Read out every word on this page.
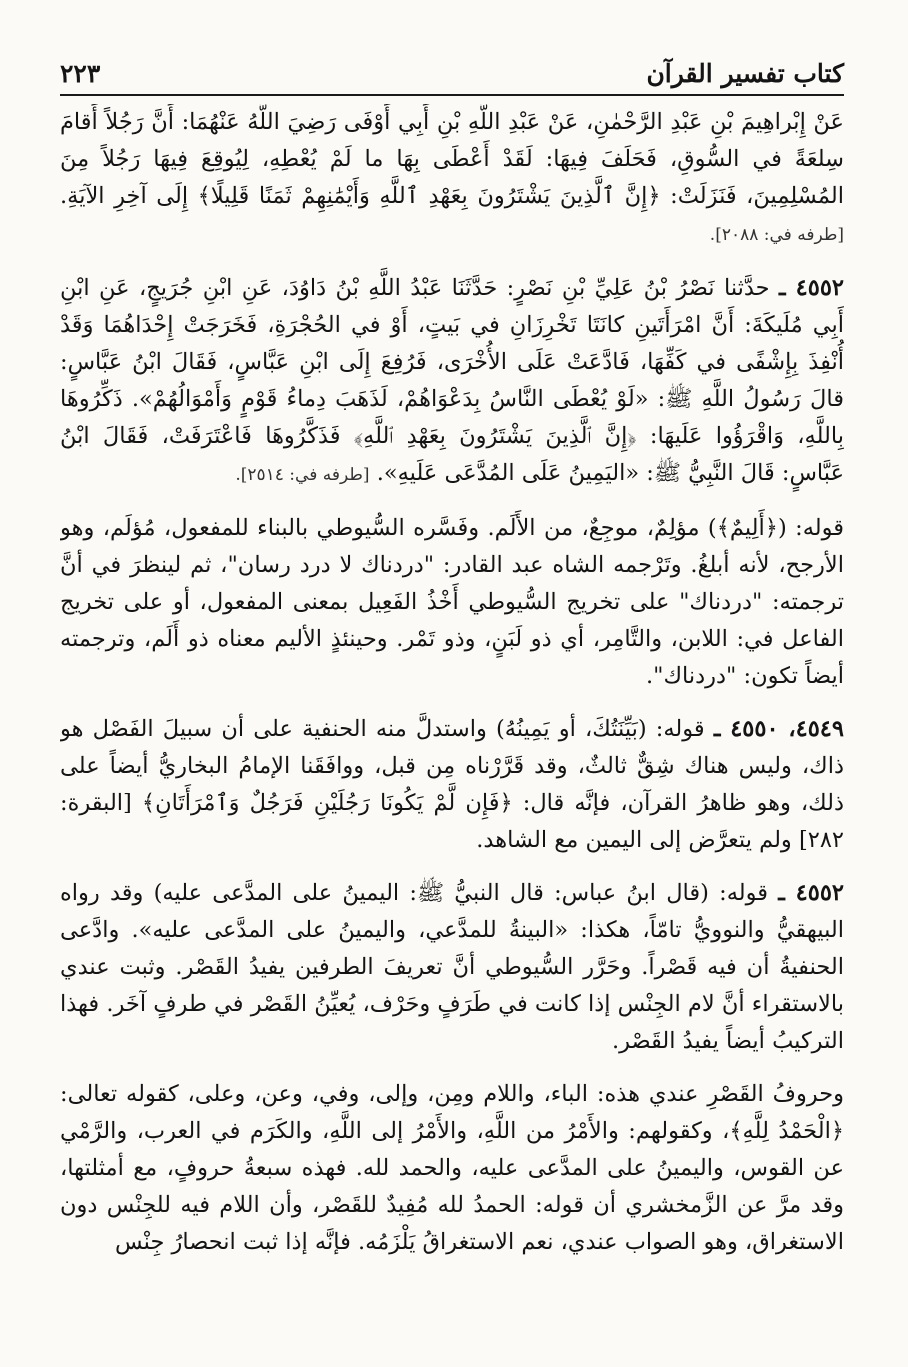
كتاب تفسير القرآن
٢٢٣

عَنْ إِبْراهِيمَ بْنِ عَبْدِ الرَّحْمٰنِ، عَنْ عَبْدِ اللَّهِ بْنِ أَبِي أَوْفَى رَضِيَ اللَّهُ عَنْهُمَا: أَنَّ رَجُلاً أَقامَ سِلعَةً في السُّوقِ، فَحَلَفَ فِيهَا: لَقَدْ أَعْطَى بِهَا ما لَمْ يُعْطِهِ، لِيُوقِعَ فِيهَا رَجُلاً مِنَ المُسْلِمِينَ، فَنَزَلَتْ: ﴿إِنَّ ٱلَّذِينَ يَشْتَرُونَ بِعَهْدِ ٱللَّهِ وَأَيْمَٰنِهِمْ ثَمَنًا قَلِيلًا﴾ إِلَى آخِرِ الآيَةِ. [طرفه في: ٢٠٨٨].

٤٥٥٢ ـ حدَّثنا نَصْرُ بْنُ عَلِيِّ بْنِ نَصْرٍ: حَدَّثَنَا عَبْدُ اللَّهِ بْنُ دَاوُدَ، عَنِ ابْنِ جُرَيجٍ، عَنِ ابْنِ أَبِي مُلَيكَةَ: أَنَّ امْرَأَتَينِ كانَتَا تَخْرِزَانِ في بَيتٍ، أَوْ في الحُجْرَةِ، فَخَرَجَتْ إِحْدَاهُمَا وَقَدْ أُنْفِذَ بِإِشْفًى في كَفِّهَا، فَادَّعَتْ عَلَى الأُخْرَى، فَرُفِعَ إِلَى ابْنِ عَبَّاسٍ، فَقَالَ ابْنُ عَبَّاسٍ: قالَ رَسُولُ اللَّهِ ﷺ: «لَوْ يُعْطَى النَّاسُ بِدَعْوَاهُمْ، لَذَهَبَ دِماءُ قَوْمٍ وَأَمْوَالُهُمْ». ذَكِّرُوهَا بِاللَّهِ، وَاقْرَؤُوا عَلَيهَا: ﴿إِنَّ ٱلَّذِينَ يَشْتَرُونَ بِعَهْدِ ٱللَّهِ﴾ فَذَكَّرُوهَا فَاعْتَرَفَتْ، فَقَالَ ابْنُ عَبَّاسٍ: قَالَ النَّبِيُّ ﷺ: «اليَمِينُ عَلَى المُدَّعَى عَلَيهِ». [طرفه في: ٢٥١٤].

قوله: (﴿أَلِيمٌ﴾) مؤلِمٌ، موجِعٌ، من الأَلَم. وفَسَّره السُّيوطي بالبناء للمفعول، مُؤلَم، وهو الأرجح، لأنه أبلغُ. وتَرْجمه الشاه عبد القادر: "دردناك لا درد رسان"، ثم لينظرَ في أنَّ ترجمته: "دردناك" على تخريج السُّيوطي أَخْذُ الفَعِيل بمعنى المفعول، أو على تخريج الفاعل في: اللابن، والتَّامِر، أي ذو لَبَنٍ، وذو تَمْر. وحينئذٍ الأليم معناه ذو أَلَم، وترجمته أيضاً تكون: "دردناك".

٤٥٤٩، ٤٥٥٠ ـ قوله: (بَيِّنَتُكَ، أو يَمِينُهُ) واستدلَّ منه الحنفية على أن سبيلَ الفَصْل هو ذاك، وليس هناك شِقٌّ ثالثٌ، وقد قَرَّرْناه مِن قبل، ووافَقَنا الإمامُ البخاريُّ أيضاً على ذلك، وهو ظاهرُ القرآن، فإنَّه قال: ﴿فَإِن لَّمْ يَكُونَا رَجُلَيْنِ فَرَجُلٌ وَٱمْرَأَتَانِ﴾ [البقرة: ٢٨٢] ولم يتعرَّض إلى اليمين مع الشاهد.

٤٥٥٢ ـ قوله: (قال ابنُ عباس: قال النبيُّ ﷺ: اليمينُ على المدَّعى عليه) وقد رواه البيهقيُّ والنوويُّ تامّاً، هكذا: «البينةُ للمدَّعي، واليمينُ على المدَّعى عليه». وادَّعى الحنفيةُ أن فيه قَصْراً. وحَرَّر السُّيوطي أنَّ تعريفَ الطرفين يفيدُ القَصْر. وثبت عندي بالاستقراء أنَّ لام الجِنْس إذا كانت في طَرَفٍ وحَرْف، يُعيِّنُ القَصْر في طرفٍ آخَر. فهذا التركيبُ أيضاً يفيدُ القَصْر.

وحروفُ القَصْرِ عندي هذه: الباء، واللام ومِن، وإلى، وفي، وعن، وعلى، كقوله تعالى: ﴿الْحَمْدُ لِلَّهِ﴾، وكقولهم: والأَمْرُ من اللَّهِ، والأَمْرُ إلى اللَّهِ، والكَرَم في العرب، والرَّمْي عن القوس، واليمينُ على المدَّعى عليه، والحمد لله. فهذه سبعةُ حروفٍ، مع أمثلتها، وقد مرَّ عن الزَّمخشري أن قوله: الحمدُ لله مُفِيدٌ للقَصْر، وأن اللام فيه للجِنْس دون الاستغراق، وهو الصواب عندي، نعم الاستغراقُ يَلْزَمُه. فإنَّه إذا ثبت انحصارُ جِنْس
